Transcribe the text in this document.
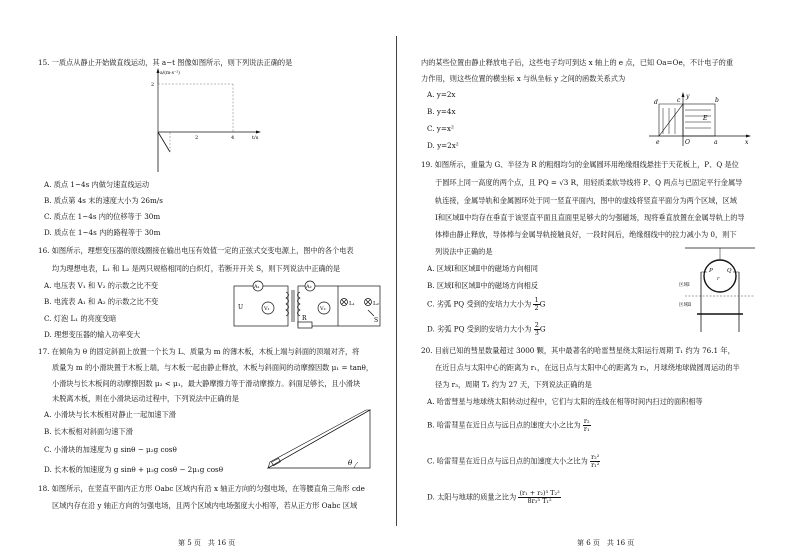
15. 一质点从静止开始做直线运动，其 a−t 图像如图所示，则下列说法正确的是
a/(m·s⁻²)
2
2	4	t/s
A. 质点 1~4s 内做匀速直线运动
B. 质点第 4s 末的速度大小为 26m/s
C. 质点在 1~4s 内的位移等于 30m
D. 质点在 1~4s 内的路程等于 30m
16. 如图所示，理想变压器的原线圈接在输出电压有效值一定的正弦式交变电源上，图中的各个电表
均为理想电表，L₁ 和 L₂ 是两只规格相同的白炽灯，若断开开关 S，则下列说法中正确的是
A. 电压表 V₁ 和 V₂ 的示数之比不变
B. 电流表 A₁ 和 A₂ 的示数之比不变
C. 灯泡 L₁ 的亮度变暗
D. 理想变压器的输入功率变大
A₁
V₁
U
A₂
V₂
R
L₁	L₂
S
17. 在倾角为 θ 的固定斜面上放置一个长为 L、质量为 m 的薄木板，木板上端与斜面的顶端对齐，将
质量为 m 的小滑块置于木板上端，与木板一起由静止释放，木板与斜面间的动摩擦因数 μ₁ = tanθ，
小滑块与长木板间的动摩擦因数 μ₂ < μ₁，最大静摩擦力等于滑动摩擦力。斜面足够长，且小滑块
未脱离木板，则在小滑块运动过程中，下列说法中正确的是
A. 小滑块与长木板相对静止一起加速下滑
B. 长木板相对斜面匀速下滑
C. 小滑块的加速度为 g sinθ − μ₂g cosθ
D. 长木板的加速度为 g sinθ + μ₂g cosθ − 2μ₁g cosθ
θ
18. 如图所示，在竖直平面内正方形 Oabc 区域内有沿 x 轴正方向的匀强电场，在等腰直角三角形 cde
区域内存在沿 y 轴正方向的匀强电场，且两个区域内电场强度大小相等，若从正方形 Oabc 区域
第 5 页　共 16 页
内的某些位置由静止释放电子后，这些电子均可到达 x 轴上的 e 点，已知 Oa=Oe，不计电子的重
力作用，则这些位置的横坐标 x 与纵坐标 y 之间的函数关系式为
A. y=2x
B. y=4x
C. y=x²
D. y=2x²
d	c	b
a
e	O	x
y
E
19. 如图所示，重量为 G、半径为 R 的粗细均匀的金属圆环用绝缘细线悬挂于天花板上，P、Q 是位
于圆环上同一高度的两个点，且 PQ = √3 R，用轻质柔软导线将 P、Q 两点与已固定平行金属导
轨连接，金属导轨和金属圆环处于同一竖直平面内，图中的虚线将竖直平面分为两个区域，区域
Ⅰ和区域Ⅱ中均存在垂直于该竖直平面且直面里足够大的匀强磁场，现将垂直放置在金属导轨上的导
体棒由静止释放，导体棒与金属导轨接触良好，一段时间后，绝缘细线中的拉力减小为 0，则下
列说法中正确的是
A. 区域Ⅰ和区域Ⅱ中的磁场方向相同
B. 区域Ⅰ和区域Ⅱ中的磁场方向相反
C. 劣弧 PQ 受到的安培力大小为 $\frac{1}{2}$ G
D. 劣弧 PQ 受到的安培力大小为 $\frac{2}{3}$ G
P	Q
r
区域Ⅰ
区域Ⅱ
20. 目前已知的彗星数量超过 3000 颗，其中最著名的哈雷彗星绕太阳运行周期 T₁ 约为 76.1 年，
在近日点与太阳中心的距离为 r₁，在远日点与太阳中心的距离为 r₂，月球绕地球做圆周运动的半
径为 r₃，周期 T₂ 约为 27 天，下列说法正确的是
A. 哈雷彗星与地球绕太阳转动过程中，它们与太阳的连线在相等时间内扫过的面积相等
B. 哈雷彗星在近日点与远日点的速度大小之比为 $\frac{\text{r₂}}{\text{r₁}}$
C. 哈雷彗星在近日点与远日点的加速度大小之比为 $\frac{\text{r₂²}}{\text{r₁²}}$
D. 太阳与地球的质量之比为 $\frac{\text{(r₁ + r₂)³ T₂²}}{\text{8r₃³ T₁²}}$
第 6 页　共 16 页
